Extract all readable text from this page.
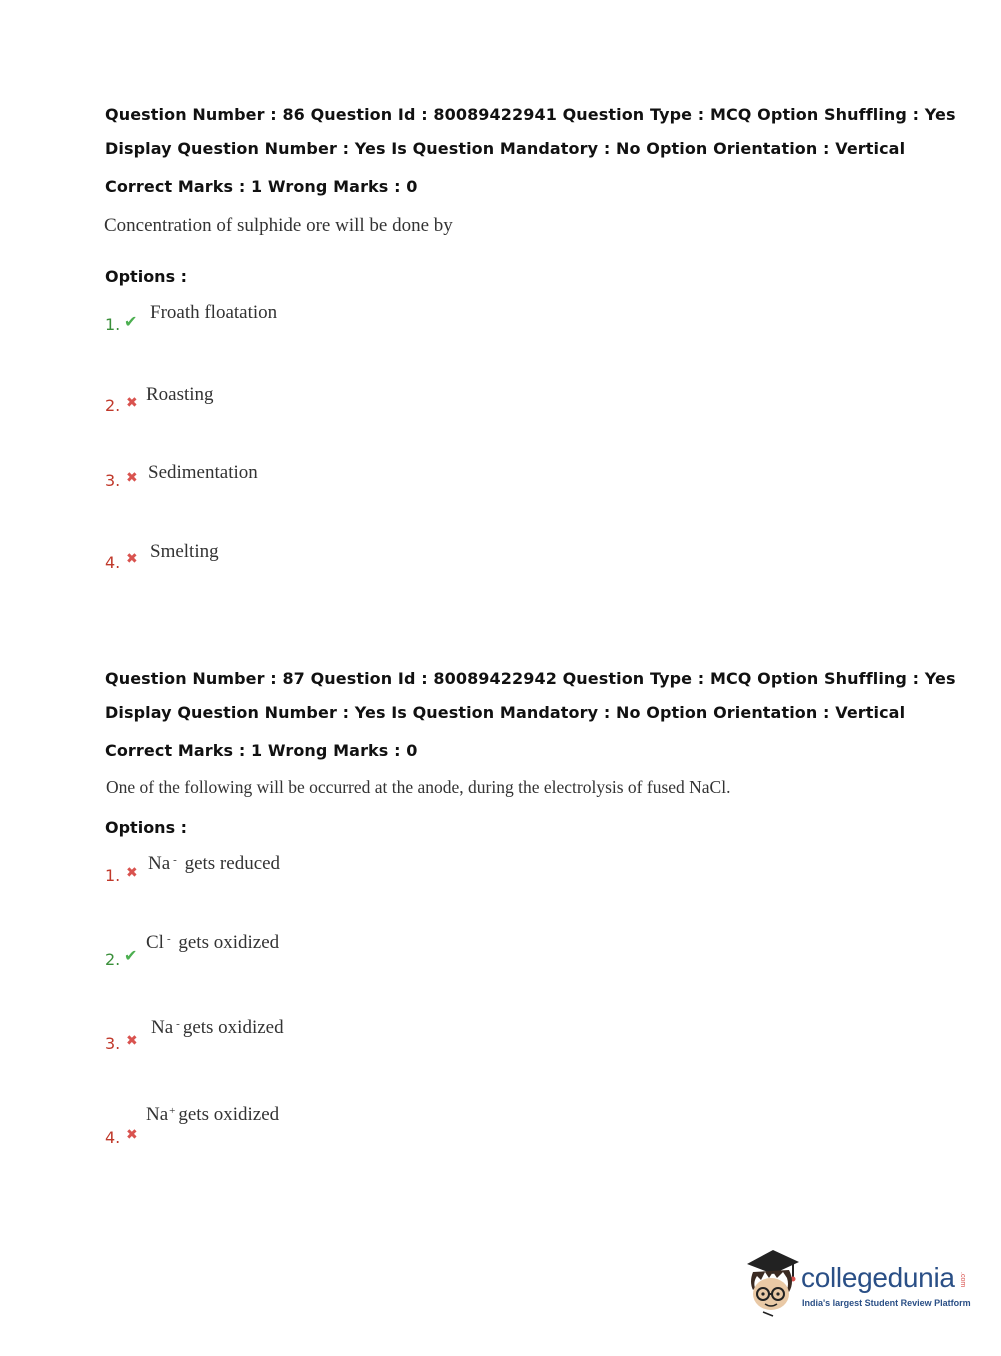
Question Number : 86 Question Id : 80089422941 Question Type : MCQ Option Shuffling : Yes
Display Question Number : Yes Is Question Mandatory : No Option Orientation : Vertical
Correct Marks : 1 Wrong Marks : 0
Concentration of sulphide ore will be done by
Options :
1. ✔ Froath floatation
2. ✖ Roasting
3. ✖ Sedimentation
4. ✖ Smelting
Question Number : 87 Question Id : 80089422942 Question Type : MCQ Option Shuffling : Yes
Display Question Number : Yes Is Question Mandatory : No Option Orientation : Vertical
Correct Marks : 1 Wrong Marks : 0
One of the following will be occurred at the anode, during the electrolysis of fused NaCl.
Options :
1. ✖ Na - gets reduced
2. ✔
Cl - gets oxidized
3. ✖
Na - gets oxidized
4. ✖
Na+ gets oxidized
collegedunia .com
India's largest Student Review Platform
